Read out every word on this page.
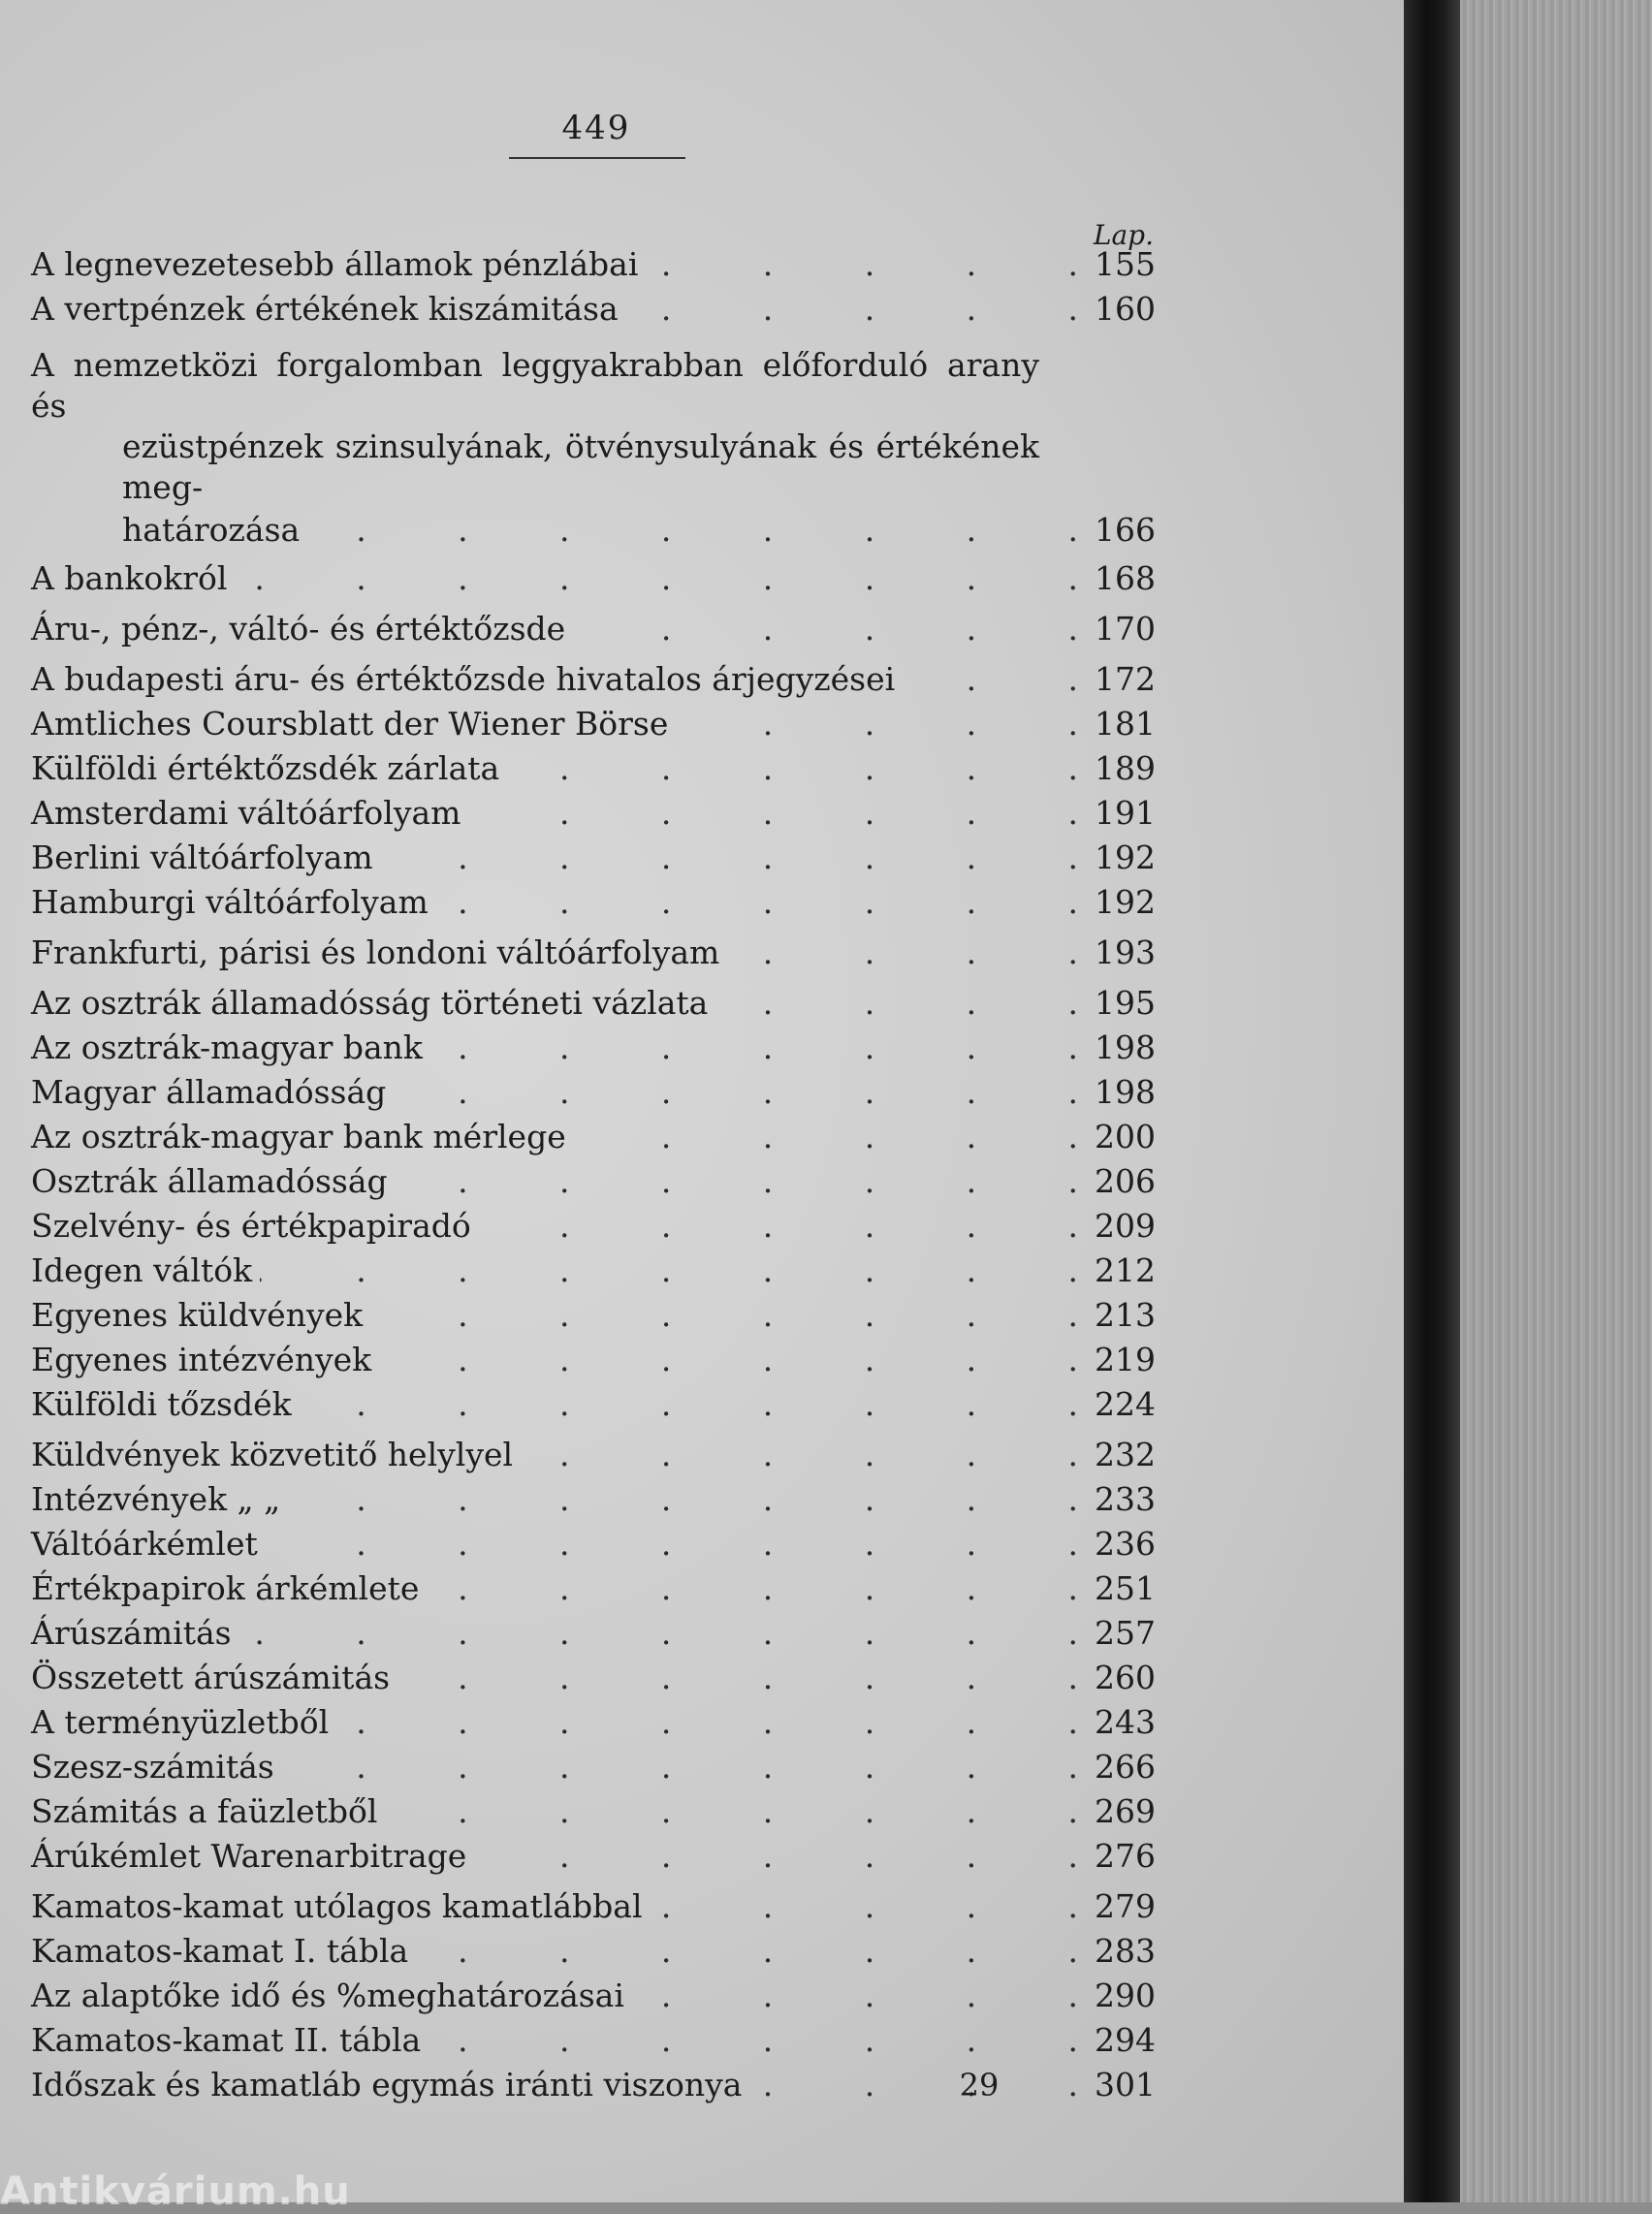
449
Lap.
A legnevezetesebb államok pénzlábai .	155
A vertpénzek értékének kiszámitása .	160
A nemzetközi forgalomban leggyakrabban előforduló arany és
ezüstpénzek szinsulyának, ötvénysulyának és értékének meg-
határozása .	166
A bankokról .	168
Áru-, pénz-, váltó- és értéktőzsde .	170
A budapesti áru- és értéktőzsde hivatalos árjegyzései .	172
Amtliches Coursblatt der Wiener Börse .	181
Külföldi értéktőzsdék zárlata .	189
Amsterdami váltóárfolyam .	191
Berlini váltóárfolyam .	192
Hamburgi váltóárfolyam .	192
Frankfurti, párisi és londoni váltóárfolyam .	193
Az osztrák államadósság történeti vázlata .	195
Az osztrák-magyar bank .	198
Magyar államadósság .	198
Az osztrák-magyar bank mérlege .	200
Osztrák államadósság .	206
Szelvény- és értékpapiradó .	209
Idegen váltók .	212
Egyenes küldvények .	213
Egyenes intézvények .	219
Külföldi tőzsdék .	224
Küldvények közvetitő helylyel .	232
Intézvények „ „ .	233
Váltóárkémlet .	236
Értékpapirok árkémlete .	251
Árúszámitás .	257
Összetett árúszámitás .	260
A terményüzletből .	243
Szesz-számitás .	266
Számitás a faüzletből .	269
Árúkémlet Warenarbitrage .	276
Kamatos-kamat utólagos kamatlábbal .	279
Kamatos-kamat I. tábla .	283
Az alaptőke idő és %meghatározásai .	290
Kamatos-kamat II. tábla .	294
Időszak és kamatláb egymás iránti viszonya .	301
29
Antikvárium.hu
